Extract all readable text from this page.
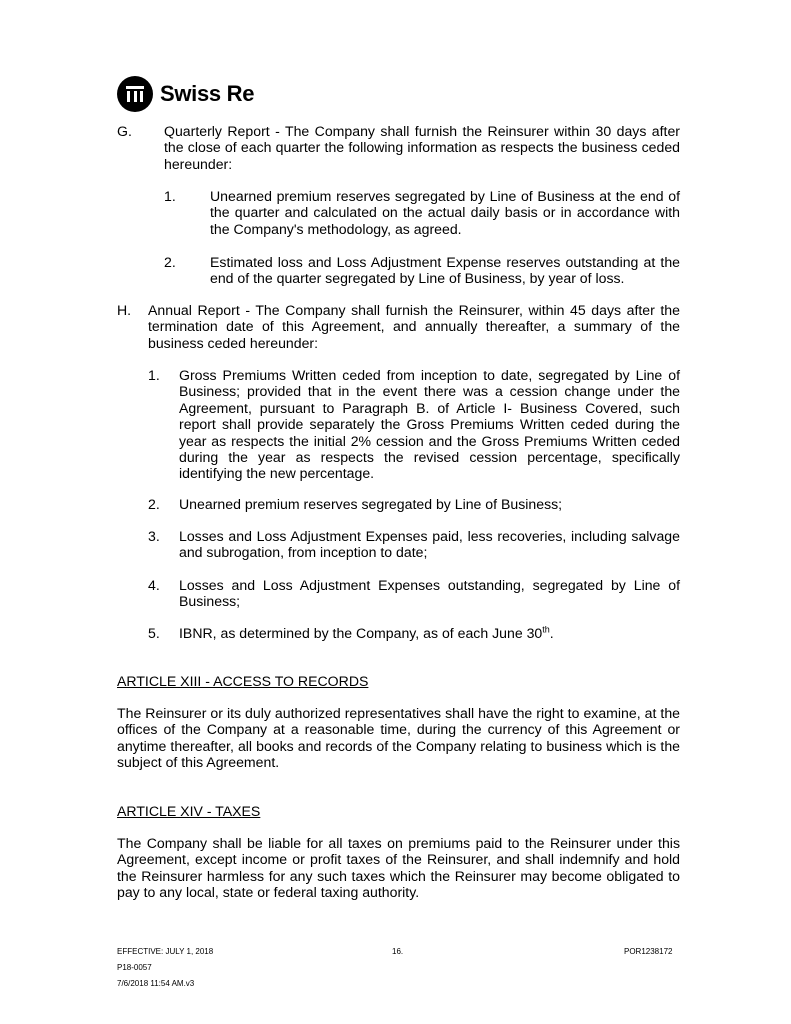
Swiss Re
G. Quarterly Report - The Company shall furnish the Reinsurer within 30 days after the close of each quarter the following information as respects the business ceded hereunder:
1. Unearned premium reserves segregated by Line of Business at the end of the quarter and calculated on the actual daily basis or in accordance with the Company's methodology, as agreed.
2. Estimated loss and Loss Adjustment Expense reserves outstanding at the end of the quarter segregated by Line of Business, by year of loss.
H. Annual Report - The Company shall furnish the Reinsurer, within 45 days after the termination date of this Agreement, and annually thereafter, a summary of the business ceded hereunder:
1. Gross Premiums Written ceded from inception to date, segregated by Line of Business; provided that in the event there was a cession change under the Agreement, pursuant to Paragraph B. of Article I- Business Covered, such report shall provide separately the Gross Premiums Written ceded during the year as respects the initial 2% cession and the Gross Premiums Written ceded during the year as respects the revised cession percentage, specifically identifying the new percentage.
2. Unearned premium reserves segregated by Line of Business;
3. Losses and Loss Adjustment Expenses paid, less recoveries, including salvage and subrogation, from inception to date;
4. Losses and Loss Adjustment Expenses outstanding, segregated by Line of Business;
5. IBNR, as determined by the Company, as of each June 30th.
ARTICLE XIII - ACCESS TO RECORDS
The Reinsurer or its duly authorized representatives shall have the right to examine, at the offices of the Company at a reasonable time, during the currency of this Agreement or anytime thereafter, all books and records of the Company relating to business which is the subject of this Agreement.
ARTICLE XIV - TAXES
The Company shall be liable for all taxes on premiums paid to the Reinsurer under this Agreement, except income or profit taxes of the Reinsurer, and shall indemnify and hold the Reinsurer harmless for any such taxes which the Reinsurer may become obligated to pay to any local, state or federal taxing authority.
EFFECTIVE: JULY 1, 2018	16.	POR1238172
P18-0057
7/6/2018 11:54 AM.v3
